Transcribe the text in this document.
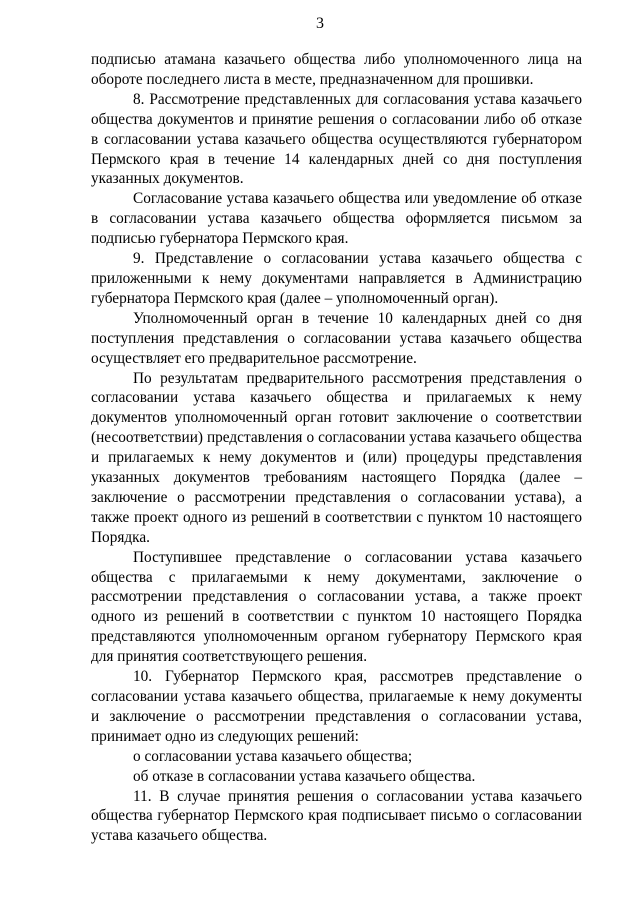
3

подписью атамана казачьего общества либо уполномоченного лица на обороте последнего листа в месте, предназначенном для прошивки.

8. Рассмотрение представленных для согласования устава казачьего общества документов и принятие решения о согласовании либо об отказе в согласовании устава казачьего общества осуществляются губернатором Пермского края в течение 14 календарных дней со дня поступления указанных документов.

Согласование устава казачьего общества или уведомление об отказе в согласовании устава казачьего общества оформляется письмом за подписью губернатора Пермского края.

9. Представление о согласовании устава казачьего общества с приложенными к нему документами направляется в Администрацию губернатора Пермского края (далее – уполномоченный орган).

Уполномоченный орган в течение 10 календарных дней со дня поступления представления о согласовании устава казачьего общества осуществляет его предварительное рассмотрение.

По результатам предварительного рассмотрения представления о согласовании устава казачьего общества и прилагаемых к нему документов уполномоченный орган готовит заключение о соответствии (несоответствии) представления о согласовании устава казачьего общества и прилагаемых к нему документов и (или) процедуры представления указанных документов требованиям настоящего Порядка (далее – заключение о рассмотрении представления о согласовании устава), а также проект одного из решений в соответствии с пунктом 10 настоящего Порядка.

Поступившее представление о согласовании устава казачьего общества с прилагаемыми к нему документами, заключение о рассмотрении представления о согласовании устава, а также проект одного из решений в соответствии с пунктом 10 настоящего Порядка представляются уполномоченным органом губернатору Пермского края для принятия соответствующего решения.

10. Губернатор Пермского края, рассмотрев представление о согласовании устава казачьего общества, прилагаемые к нему документы и заключение о рассмотрении представления о согласовании устава, принимает одно из следующих решений:

о согласовании устава казачьего общества;

об отказе в согласовании устава казачьего общества.

11. В случае принятия решения о согласовании устава казачьего общества губернатор Пермского края подписывает письмо о согласовании устава казачьего общества.
